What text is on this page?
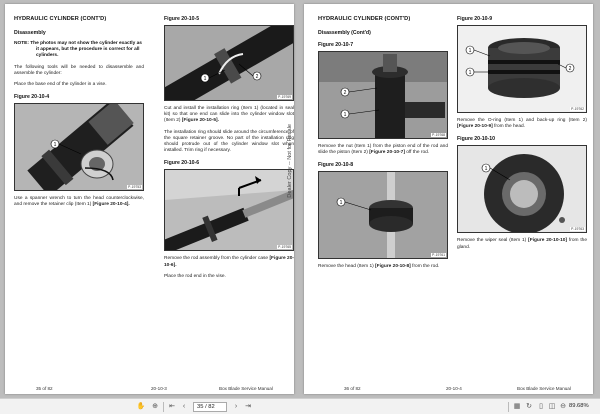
HYDRAULIC CYLINDER (CONT'D)
Disassembly
NOTE: The photos may not show the cylinder exactly as it appears, but the procedure is correct for all cylinders.
The following tools will be needed to disassemble and assemble the cylinder:
Place the base end of the cylinder in a vise.
Figure 20-10-4
1
P-19753
Use a spanner wrench to turn the head counterclockwise, and remove the retainer clip (Item 1) [Figure 20-10-4].
Figure 20-10-5
1	2
P-19769
Cut and install the installation ring (Item 1) (located in seal kit) so that one end can slide into the cylinder window slot (Item 2) [Figure 20-10-5].
The installation ring should slide around the circumference of the square retainer groove. No part of the installation ring should protrude out of the cylinder window slot when installed. Trim ring if necessary.
Figure 20-10-6
P-19765
Remove the rod assembly from the cylinder case [Figure 20-10-6].
Place the rod end in the vise.
Dealer Copy -- Not for Resale
35 of 82	20-10-3	Box Blade Service Manual
HYDRAULIC CYLINDER (CONT'D)
Disassembly (Cont'd)
Figure 20-10-7
2
1
P-19768
Remove the nut (Item 1) from the piston end of the rod and slide the piston (Item 2) [Figure 20-10-7] off the rod.
Figure 20-10-8
1
P-19761
Remove the head (Item 1) [Figure 20-10-8] from the rod.
Figure 20-10-9
1
1
2
P-19762
Remove the O-ring (Item 1) and back-up ring (Item 2) [Figure 20-10-9] from the head.
Figure 20-10-10
1
P-19763
Remove the wiper seal (Item 1) [Figure 20-10-10] from the gland.
36 of 82	20-10-4	Box Blade Service Manual
✋ ⊕ ⇤	‹	35 / 82	›	⇥	▦ ↻	▯ ◫ ⊖ 89.68%
